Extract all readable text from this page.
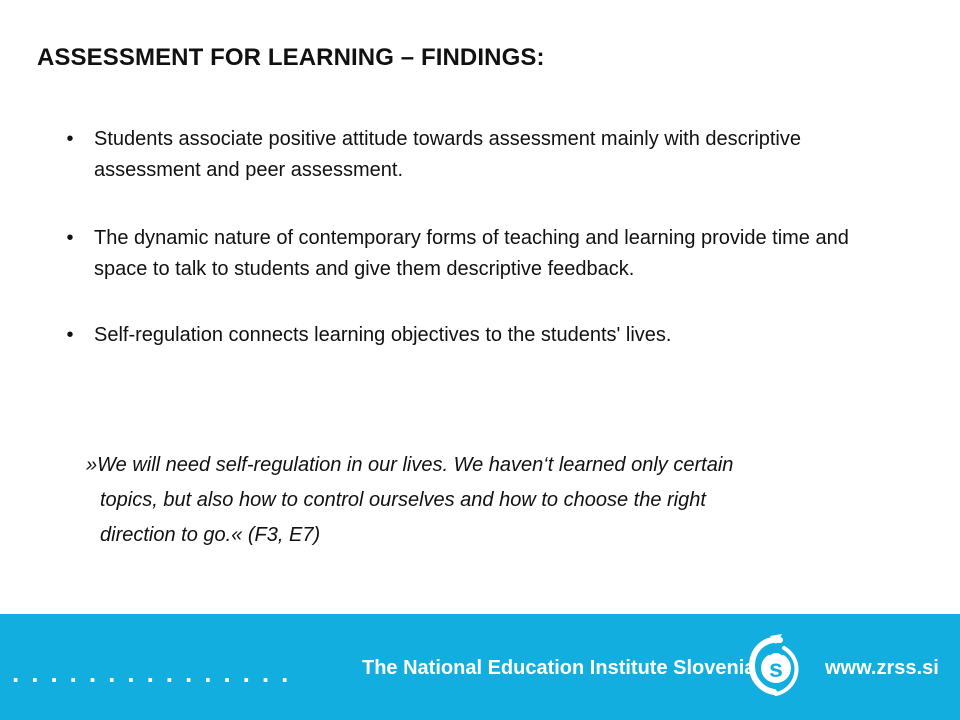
ASSESSMENT FOR LEARNING – FINDINGS:
•	Students associate positive attitude towards assessment mainly with descriptive assessment and peer assessment.
•	The dynamic nature of contemporary forms of teaching and learning provide time and space to talk to students and give them descriptive feedback.
•	Self-regulation connects learning objectives to the students' lives.

»We will need self-regulation in our lives. We haven‘t learned only certain
topics, but also how to control ourselves and how to choose the right
direction to go.« (F3, E7)

...............	The National Education Institute Slovenia s www.zrss.si
